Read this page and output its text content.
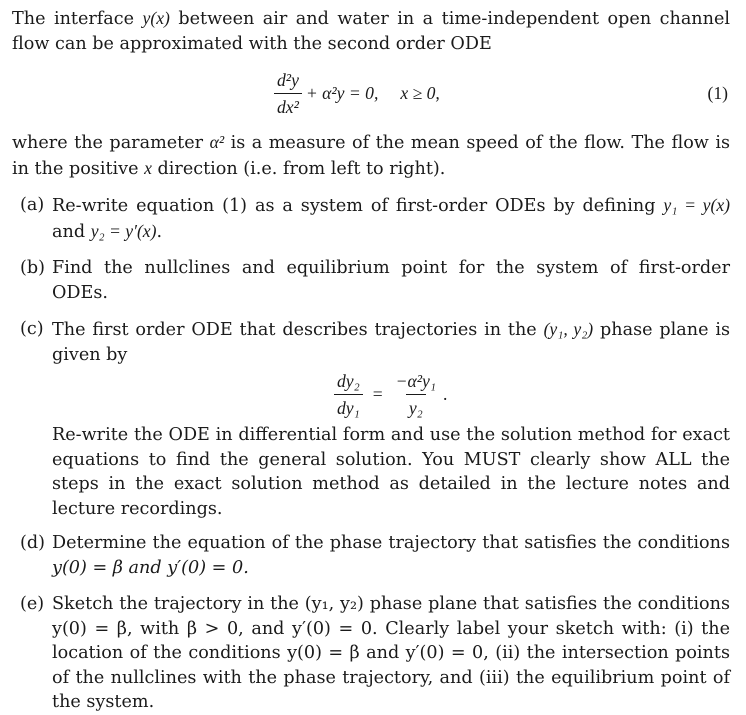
The interface y(x) between air and water in a time-independent open channel flow can be approximated with the second order ODE

$\frac{\text{d²y}}{\text{dx²}} + \alpha^2y = 0$, x ≥ 0,	(1)

where the parameter α² is a measure of the mean speed of the flow. The flow is in the positive x direction (i.e. from left to right).

(a) Re-write equation (1) as a system of first-order ODEs by defining y₁ = y(x) and y₂ = y′(x).

(b) Find the nullclines and equilibrium point for the system of first-order ODEs.

(c) The first order ODE that describes trajectories in the (y₁, y₂) phase plane is given by

$\frac{\text{dy₂}}{\text{dy₁}} = \frac{\text{−α²y₁}}{\text{y₂}}$ .

Re-write the ODE in differential form and use the solution method for exact equations to find the general solution. You MUST clearly show ALL the steps in the exact solution method as detailed in the lecture notes and lecture recordings.

(d) Determine the equation of the phase trajectory that satisfies the conditions y(0) = β and y′(0) = 0.

(e) Sketch the trajectory in the (y₁, y₂) phase plane that satisfies the conditions y(0) = β, with β > 0, and y′(0) = 0. Clearly label your sketch with: (i) the location of the conditions y(0) = β and y′(0) = 0, (ii) the intersection points of the nullclines with the phase trajectory, and (iii) the equilibrium point of the system.
